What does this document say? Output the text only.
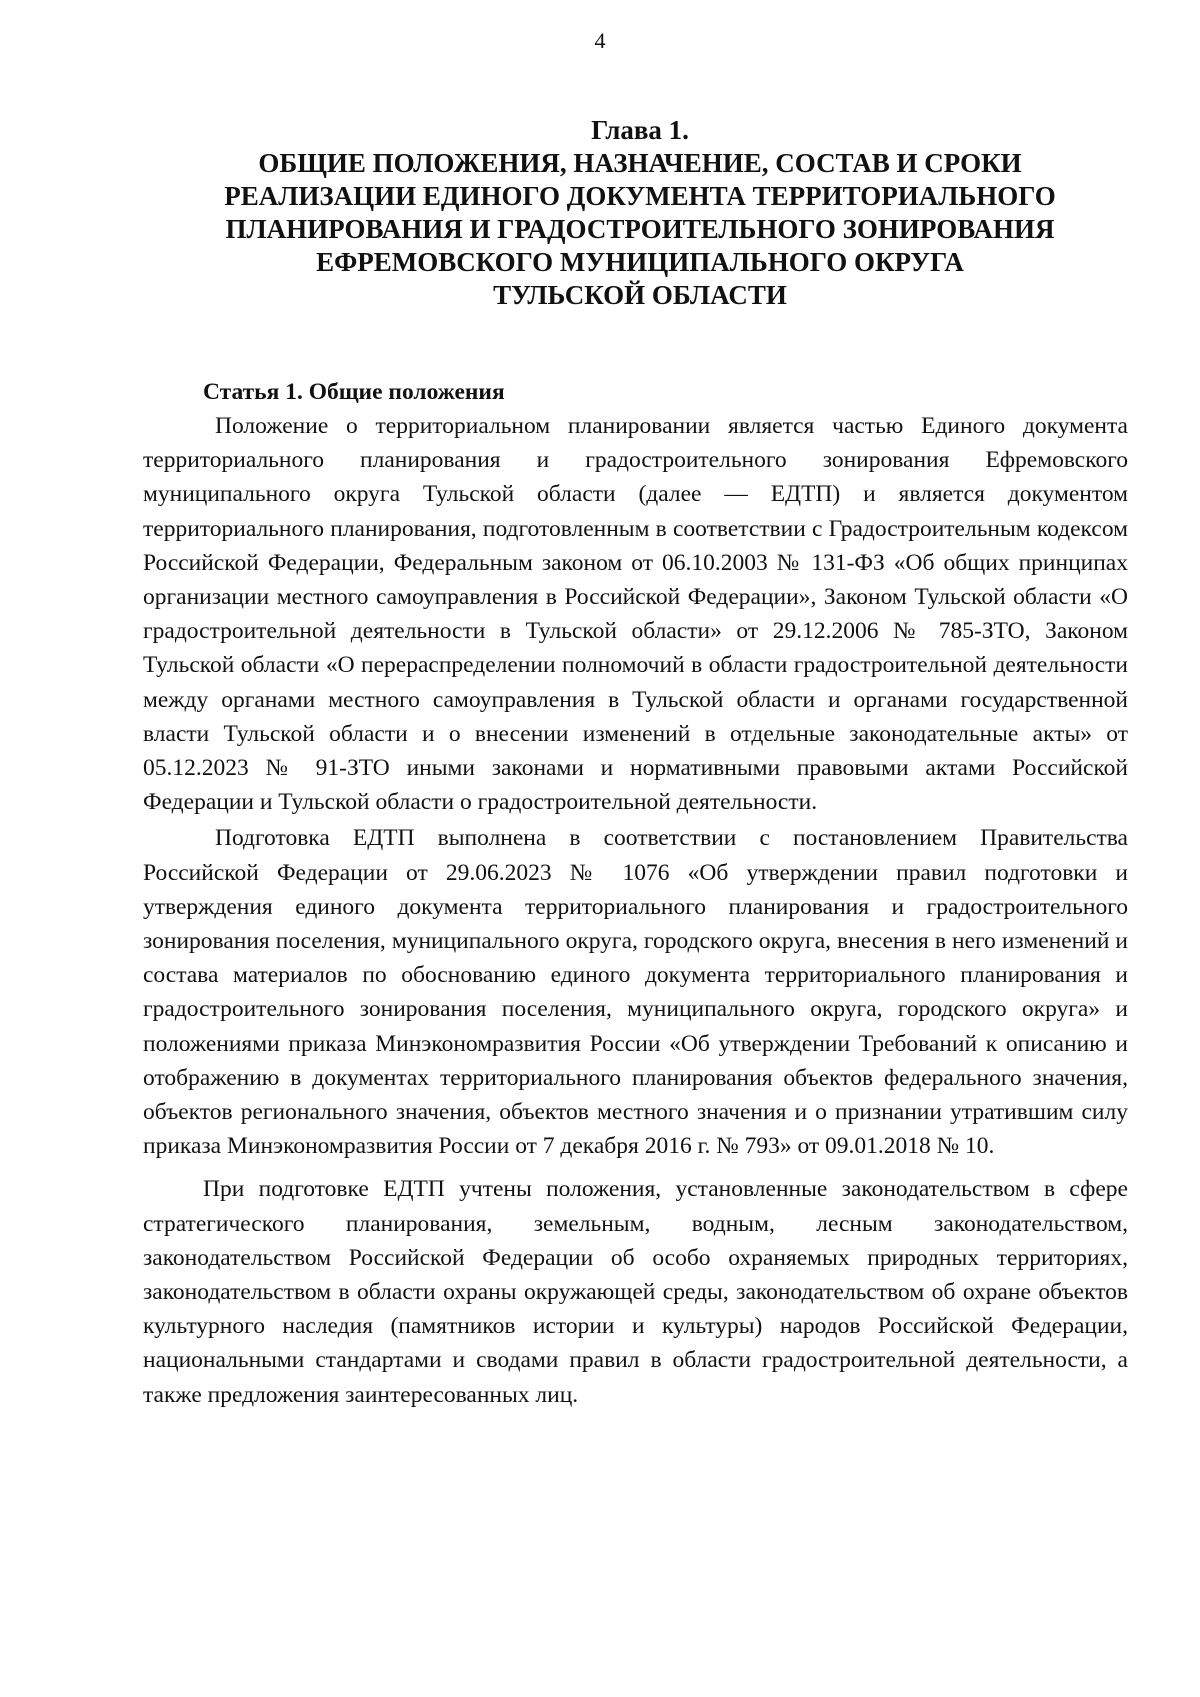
4
Глава 1.
ОБЩИЕ ПОЛОЖЕНИЯ, НАЗНАЧЕНИЕ, СОСТАВ И СРОКИ
РЕАЛИЗАЦИИ ЕДИНОГО ДОКУМЕНТА ТЕРРИТОРИАЛЬНОГО
ПЛАНИРОВАНИЯ И ГРАДОСТРОИТЕЛЬНОГО ЗОНИРОВАНИЯ
ЕФРЕМОВСКОГО МУНИЦИПАЛЬНОГО ОКРУГА
ТУЛЬСКОЙ ОБЛАСТИ
Статья 1. Общие положения

Положение о территориальном планировании является частью Единого документа территориального планирования и градостроительного зонирования Ефремовского муниципального округа Тульской области (далее — ЕДТП) и является документом территориального планирования, подготовленным в соответствии с Градостроительным кодексом Российской Федерации, Федеральным законом от 06.10.2003 № 131-ФЗ «Об общих принципах организации местного самоуправления в Российской Федерации», Законом Тульской области «О градостроительной деятельности в Тульской области» от 29.12.2006 № 785-ЗТО, Законом Тульской области «О перераспределении полномочий в области градостроительной деятельности между органами местного самоуправления в Тульской области и органами государственной власти Тульской области и о внесении изменений в отдельные законодательные акты» от 05.12.2023 № 91-ЗТО иными законами и нормативными правовыми актами Российской Федерации и Тульской области о градостроительной деятельности.

Подготовка ЕДТП выполнена в соответствии с постановлением Правительства Российской Федерации от 29.06.2023 № 1076 «Об утверждении правил подготовки и утверждения единого документа территориального планирования и градостроительного зонирования поселения, муниципального округа, городского округа, внесения в него изменений и состава материалов по обоснованию единого документа территориального планирования и градостроительного зонирования поселения, муниципального округа, городского округа» и положениями приказа Минэкономразвития России «Об утверждении Требований к описанию и отображению в документах территориального планирования объектов федерального значения, объектов регионального значения, объектов местного значения и о признании утратившим силу приказа Минэкономразвития России от 7 декабря 2016 г. № 793» от 09.01.2018 № 10.

При подготовке ЕДТП учтены положения, установленные законодательством в сфере стратегического планирования, земельным, водным, лесным законодательством, законодательством Российской Федерации об особо охраняемых природных территориях, законодательством в области охраны окружающей среды, законодательством об охране объектов культурного наследия (памятников истории и культуры) народов Российской Федерации, национальными стандартами и сводами правил в области градостроительной деятельности, а также предложения заинтересованных лиц.
